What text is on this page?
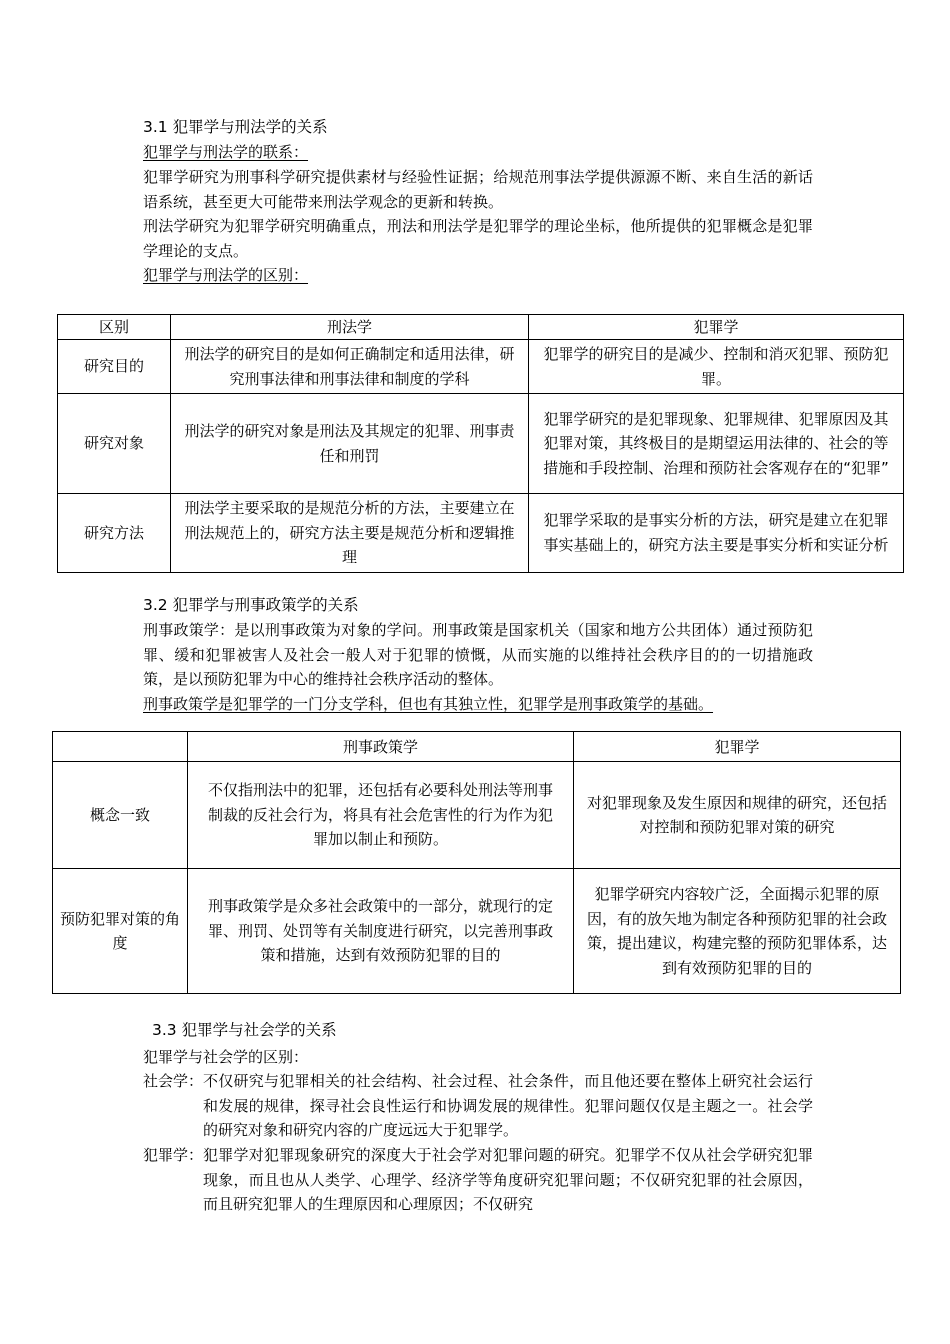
3.1 犯罪学与刑法学的关系
犯罪学与刑法学的联系：
犯罪学研究为刑事科学研究提供素材与经验性证据；给规范刑事法学提供源源不断、来自生活的新话语系统，甚至更大可能带来刑法学观念的更新和转换。
刑法学研究为犯罪学研究明确重点，刑法和刑法学是犯罪学的理论坐标，他所提供的犯罪概念是犯罪学理论的支点。
犯罪学与刑法学的区别：
区别	刑法学	犯罪学
研究目的	刑法学的研究目的是如何正确制定和适用法律，研究刑事法律和刑事法律和制度的学科	犯罪学的研究目的是减少、控制和消灭犯罪、预防犯罪。
研究对象	刑法学的研究对象是刑法及其规定的犯罪、刑事责任和刑罚	犯罪学研究的是犯罪现象、犯罪规律、犯罪原因及其犯罪对策，其终极目的是期望运用法律的、社会的等措施和手段控制、治理和预防社会客观存在的“犯罪”
研究方法	刑法学主要采取的是规范分析的方法，主要建立在刑法规范上的，研究方法主要是规范分析和逻辑推理	犯罪学采取的是事实分析的方法，研究是建立在犯罪事实基础上的，研究方法主要是事实分析和实证分析
3.2 犯罪学与刑事政策学的关系
刑事政策学：是以刑事政策为对象的学问。刑事政策是国家机关（国家和地方公共团体）通过预防犯罪、缓和犯罪被害人及社会一般人对于犯罪的愤慨，从而实施的以维持社会秩序目的的一切措施政策，是以预防犯罪为中心的维持社会秩序活动的整体。
刑事政策学是犯罪学的一门分支学科，但也有其独立性，犯罪学是刑事政策学的基础。
	刑事政策学	犯罪学
概念一致	不仅指刑法中的犯罪，还包括有必要科处刑法等刑事制裁的反社会行为，将具有社会危害性的行为作为犯罪加以制止和预防。	对犯罪现象及发生原因和规律的研究，还包括对控制和预防犯罪对策的研究
预防犯罪对策的角度	刑事政策学是众多社会政策中的一部分，就现行的定罪、刑罚、处罚等有关制度进行研究，以完善刑事政策和措施，达到有效预防犯罪的目的	犯罪学研究内容较广泛，全面揭示犯罪的原因，有的放矢地为制定各种预防犯罪的社会政策，提出建议，构建完整的预防犯罪体系，达到有效预防犯罪的目的
3.3 犯罪学与社会学的关系
犯罪学与社会学的区别：
社会学： 不仅研究与犯罪相关的社会结构、社会过程、社会条件，而且他还要在整体上研究社会运行和发展的规律，探寻社会良性运行和协调发展的规律性。犯罪问题仅仅是主题之一。社会学的研究对象和研究内容的广度远远大于犯罪学。
犯罪学： 犯罪学对犯罪现象研究的深度大于社会学对犯罪问题的研究。犯罪学不仅从社会学研究犯罪现象，而且也从人类学、心理学、经济学等角度研究犯罪问题；不仅研究犯罪的社会原因，而且研究犯罪人的生理原因和心理原因；不仅研究
